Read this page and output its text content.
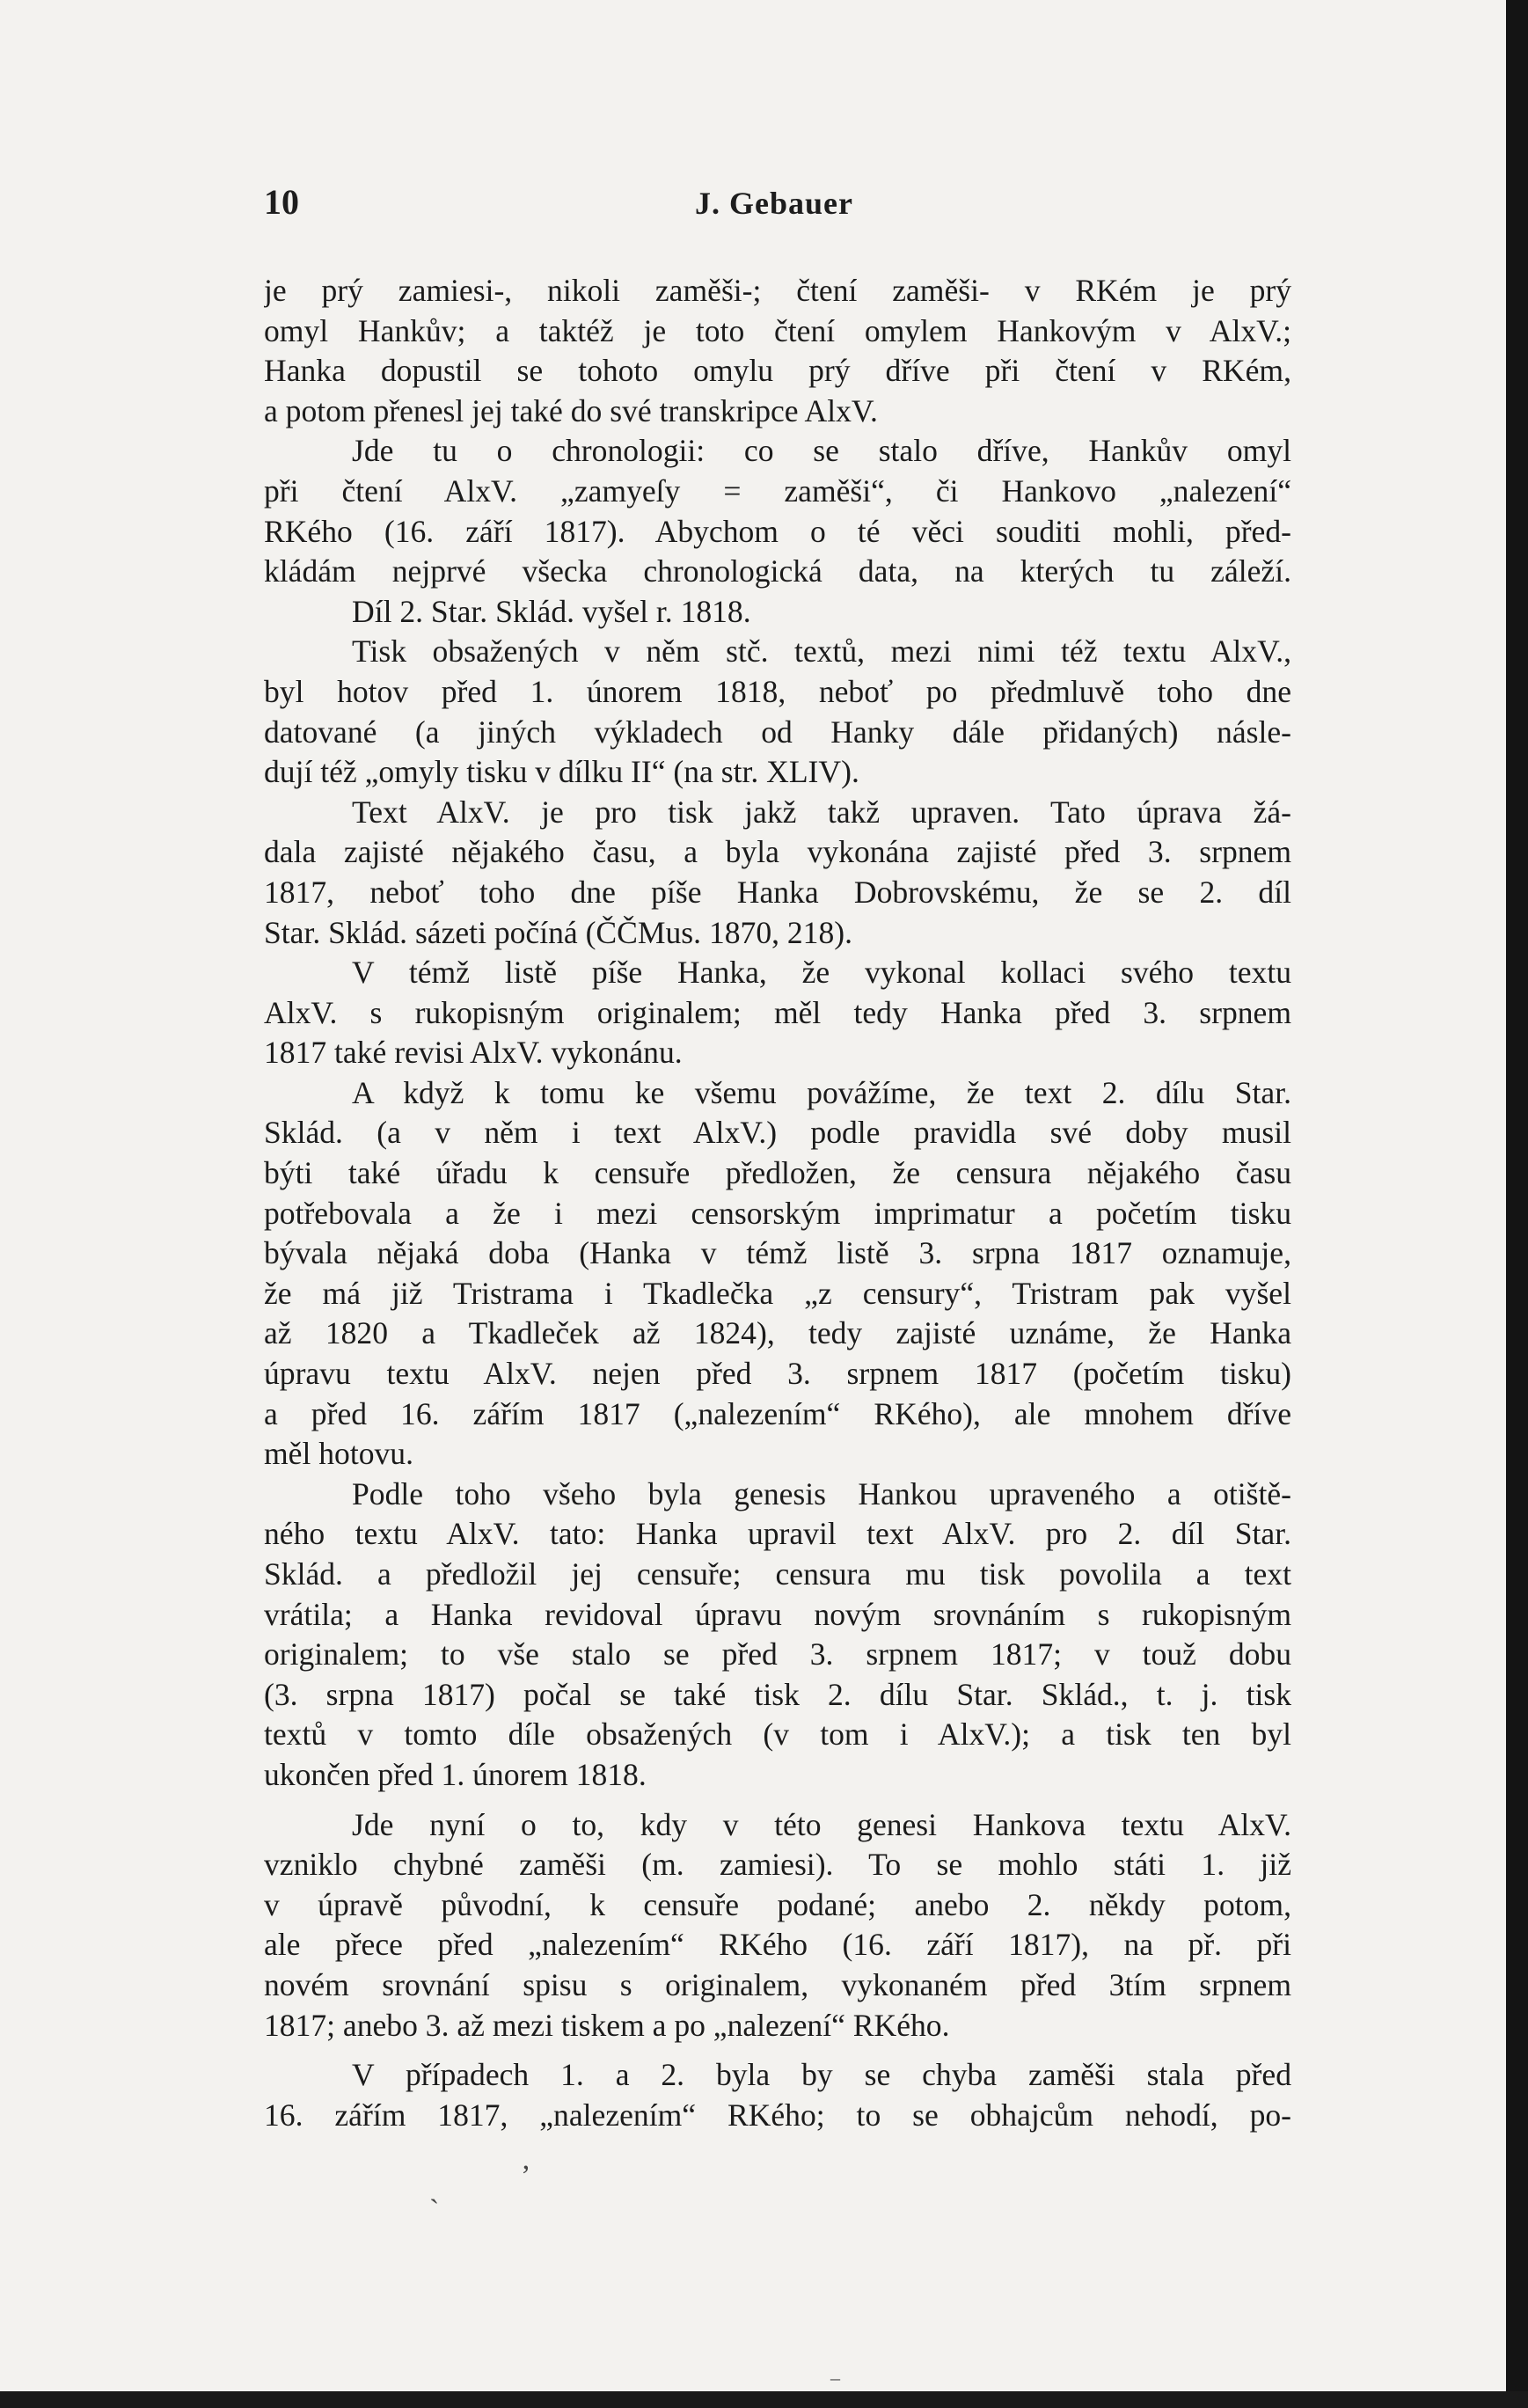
10	J. Gebauer
je prý zamiesi-, nikoli zaměši-; čtení zaměši- v RKém je prý
omyl Hankův; a taktéž je toto čtení omylem Hankovým v AlxV.;
Hanka dopustil se tohoto omylu prý dříve při čtení v RKém,
a potom přenesl jej také do své transkripce AlxV.
Jde tu o chronologii: co se stalo dříve, Hankův omyl
při čtení AlxV. „zamyeſy = zaměši“, či Hankovo „nalezení“
RKého (16. září 1817). Abychom o té věci souditi mohli, před-
kládám nejprvé všecka chronologická data, na kterých tu záleží.
Díl 2. Star. Sklád. vyšel r. 1818.
Tisk obsažených v něm stč. textů, mezi nimi též textu AlxV.,
byl hotov před 1. únorem 1818, neboť po předmluvě toho dne
datované (a jiných výkladech od Hanky dále přidaných) násle-
dují též „omyly tisku v dílku II“ (na str. XLIV).
Text AlxV. je pro tisk jakž takž upraven. Tato úprava žá-
dala zajisté nějakého času, a byla vykonána zajisté před 3. srpnem
1817, neboť toho dne píše Hanka Dobrovskému, že se 2. díl
Star. Sklád. sázeti počíná (ČČMus. 1870, 218).
V témž listě píše Hanka, že vykonal kollaci svého textu
AlxV. s rukopisným originalem; měl tedy Hanka před 3. srpnem
1817 také revisi AlxV. vykonánu.
A když k tomu ke všemu povážíme, že text 2. dílu Star.
Sklád. (a v něm i text AlxV.) podle pravidla své doby musil
býti také úřadu k censuře předložen, že censura nějakého času
potřebovala a že i mezi censorským imprimatur a početím tisku
bývala nějaká doba (Hanka v témž listě 3. srpna 1817 oznamuje,
že má již Tristrama i Tkadlečka „z censury“, Tristram pak vyšel
až 1820 a Tkadleček až 1824), tedy zajisté uznáme, že Hanka
úpravu textu AlxV. nejen před 3. srpnem 1817 (početím tisku)
a před 16. zářím 1817 („nalezením“ RKého), ale mnohem dříve
měl hotovu.
Podle toho všeho byla genesis Hankou upraveného a otiště-
ného textu AlxV. tato: Hanka upravil text AlxV. pro 2. díl Star.
Sklád. a předložil jej censuře; censura mu tisk povolila a text
vrátila; a Hanka revidoval úpravu novým srovnáním s rukopisným
originalem; to vše stalo se před 3. srpnem 1817; v touž dobu
(3. srpna 1817) počal se také tisk 2. dílu Star. Sklád., t. j. tisk
textů v tomto díle obsažených (v tom i AlxV.); a tisk ten byl
ukončen před 1. únorem 1818.
Jde nyní o to, kdy v této genesi Hankova textu AlxV.
vzniklo chybné zaměši (m. zamiesi). To se mohlo státi 1. již
v úpravě původní, k censuře podané; anebo 2. někdy potom,
ale přece před „nalezením“ RKého (16. září 1817), na př. při
novém srovnání spisu s originalem, vykonaném před 3tím srpnem
1817; anebo 3. až mezi tiskem a po „nalezení“ RKého.
V případech 1. a 2. byla by se chyba zaměši stala před
16. zářím 1817, „nalezením“ RKého; to se obhajcům nehodí, po-
ˏ	ʼ
‒
